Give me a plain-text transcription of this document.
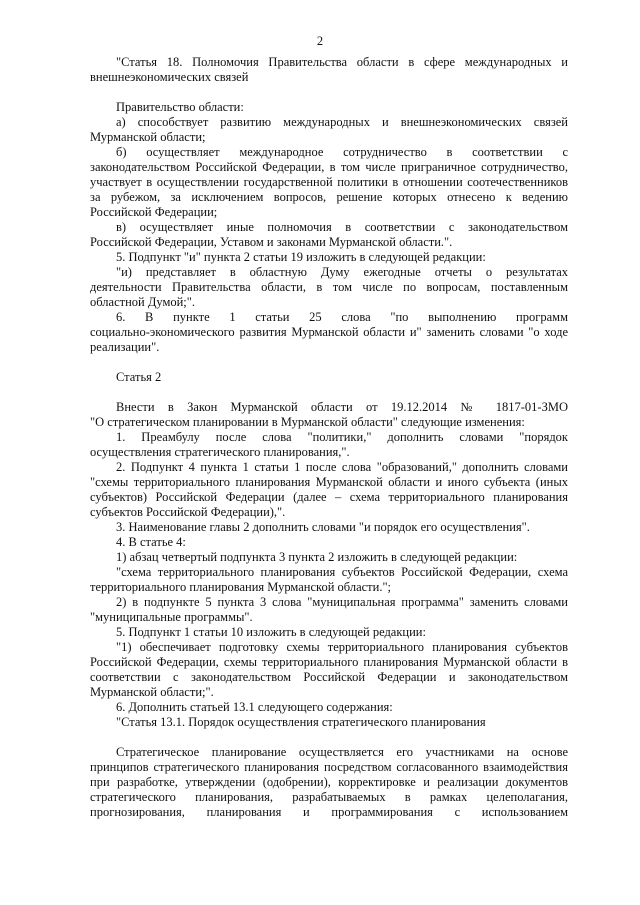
2
"Статья 18. Полномочия Правительства области в сфере международных и
внешнеэкономических связей
Правительство области:
а) способствует развитию международных и внешнеэкономических связей
Мурманской области;
б) осуществляет международное сотрудничество в соответствии с
законодательством Российской Федерации, в том числе приграничное сотрудничество,
участвует в осуществлении государственной политики в отношении соотечественников
за рубежом, за исключением вопросов, решение которых отнесено к ведению
Российской Федерации;
в) осуществляет иные полномочия в соответствии с законодательством
Российской Федерации, Уставом и законами Мурманской области.".
5. Подпункт "и" пункта 2 статьи 19 изложить в следующей редакции:
"и) представляет в областную Думу ежегодные отчеты о результатах
деятельности Правительства области, в том числе по вопросам, поставленным
областной Думой;".
6. В пункте 1 статьи 25 слова "по выполнению программ
социально-экономического развития Мурманской области и" заменить словами "о ходе
реализации".
Статья 2
Внести в Закон Мурманской области от 19.12.2014 № 1817-01-ЗМО
"О стратегическом планировании в Мурманской области" следующие изменения:
1. Преамбулу после слова "политики," дополнить словами "порядок
осуществления стратегического планирования,".
2. Подпункт 4 пункта 1 статьи 1 после слова "образований," дополнить словами
"схемы территориального планирования Мурманской области и иного субъекта (иных
субъектов) Российской Федерации (далее – схема территориального планирования
субъектов Российской Федерации),".
3. Наименование главы 2 дополнить словами "и порядок его осуществления".
4. В статье 4:
1) абзац четвертый подпункта 3 пункта 2 изложить в следующей редакции:
"схема территориального планирования субъектов Российской Федерации, схема
территориального планирования Мурманской области.";
2) в подпункте 5 пункта 3 слова "муниципальная программа" заменить словами
"муниципальные программы".
5. Подпункт 1 статьи 10 изложить в следующей редакции:
"1) обеспечивает подготовку схемы территориального планирования субъектов
Российской Федерации, схемы территориального планирования Мурманской области в
соответствии с законодательством Российской Федерации и законодательством
Мурманской области;".
6. Дополнить статьей 13.1 следующего содержания:
"Статья 13.1. Порядок осуществления стратегического планирования
Стратегическое планирование осуществляется его участниками на основе
принципов стратегического планирования посредством согласованного взаимодействия
при разработке, утверждении (одобрении), корректировке и реализации документов
стратегического планирования, разрабатываемых в рамках целеполагания,
прогнозирования, планирования и программирования с использованием
